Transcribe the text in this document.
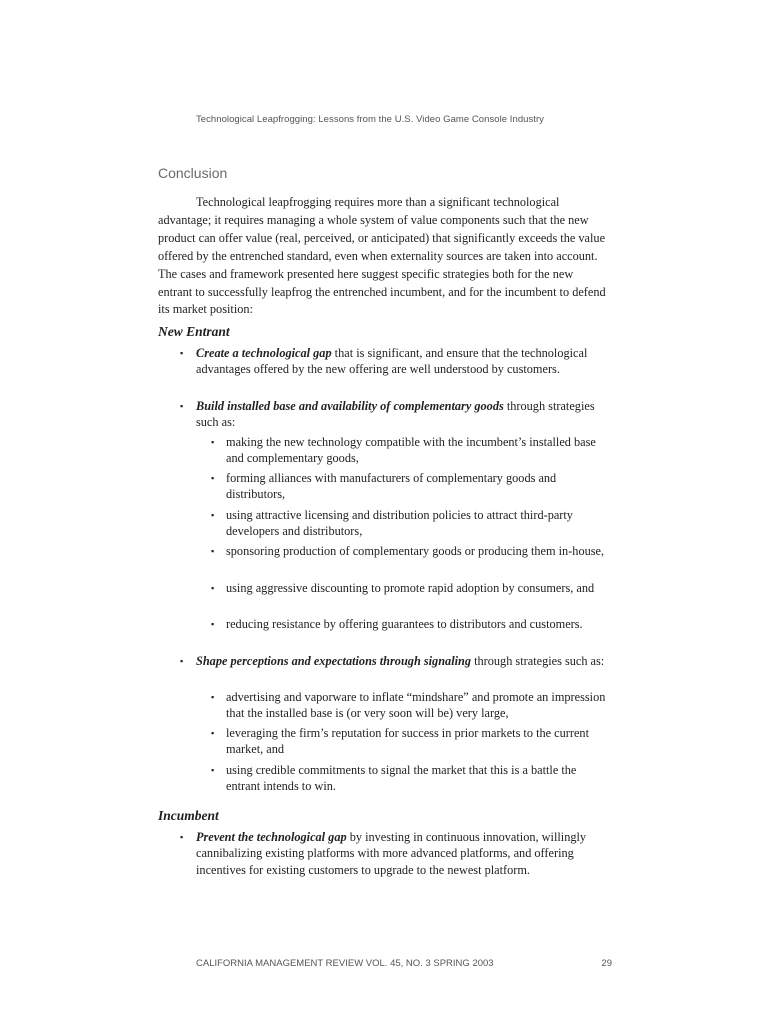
Technological Leapfrogging: Lessons from the U.S. Video Game Console Industry
Conclusion

Technological leapfrogging requires more than a significant technological advantage; it requires managing a whole system of value components such that the new product can offer value (real, perceived, or anticipated) that significantly exceeds the value offered by the entrenched standard, even when externality sources are taken into account. The cases and framework presented here suggest specific strategies both for the new entrant to successfully leapfrog the entrenched incumbent, and for the incumbent to defend its market position:

New Entrant
▪ Create a technological gap that is significant, and ensure that the technological advantages offered by the new offering are well understood by customers.
▪ Build installed base and availability of complementary goods through strategies such as:
▪ making the new technology compatible with the incumbent’s installed base and complementary goods,
▪ forming alliances with manufacturers of complementary goods and distributors,
▪ using attractive licensing and distribution policies to attract third-party developers and distributors,
▪ sponsoring production of complementary goods or producing them in-house,
▪ using aggressive discounting to promote rapid adoption by consumers, and
▪ reducing resistance by offering guarantees to distributors and customers.
▪ Shape perceptions and expectations through signaling through strategies such as:
▪ advertising and vaporware to inflate “mindshare” and promote an impression that the installed base is (or very soon will be) very large,
▪ leveraging the firm’s reputation for success in prior markets to the current market, and
▪ using credible commitments to signal the market that this is a battle the entrant intends to win.
Incumbent
▪ Prevent the technological gap by investing in continuous innovation, willingly cannibalizing existing platforms with more advanced platforms, and offering incentives for existing customers to upgrade to the newest platform.
CALIFORNIA MANAGEMENT REVIEW VOL. 45, NO. 3 SPRING 2003	29
